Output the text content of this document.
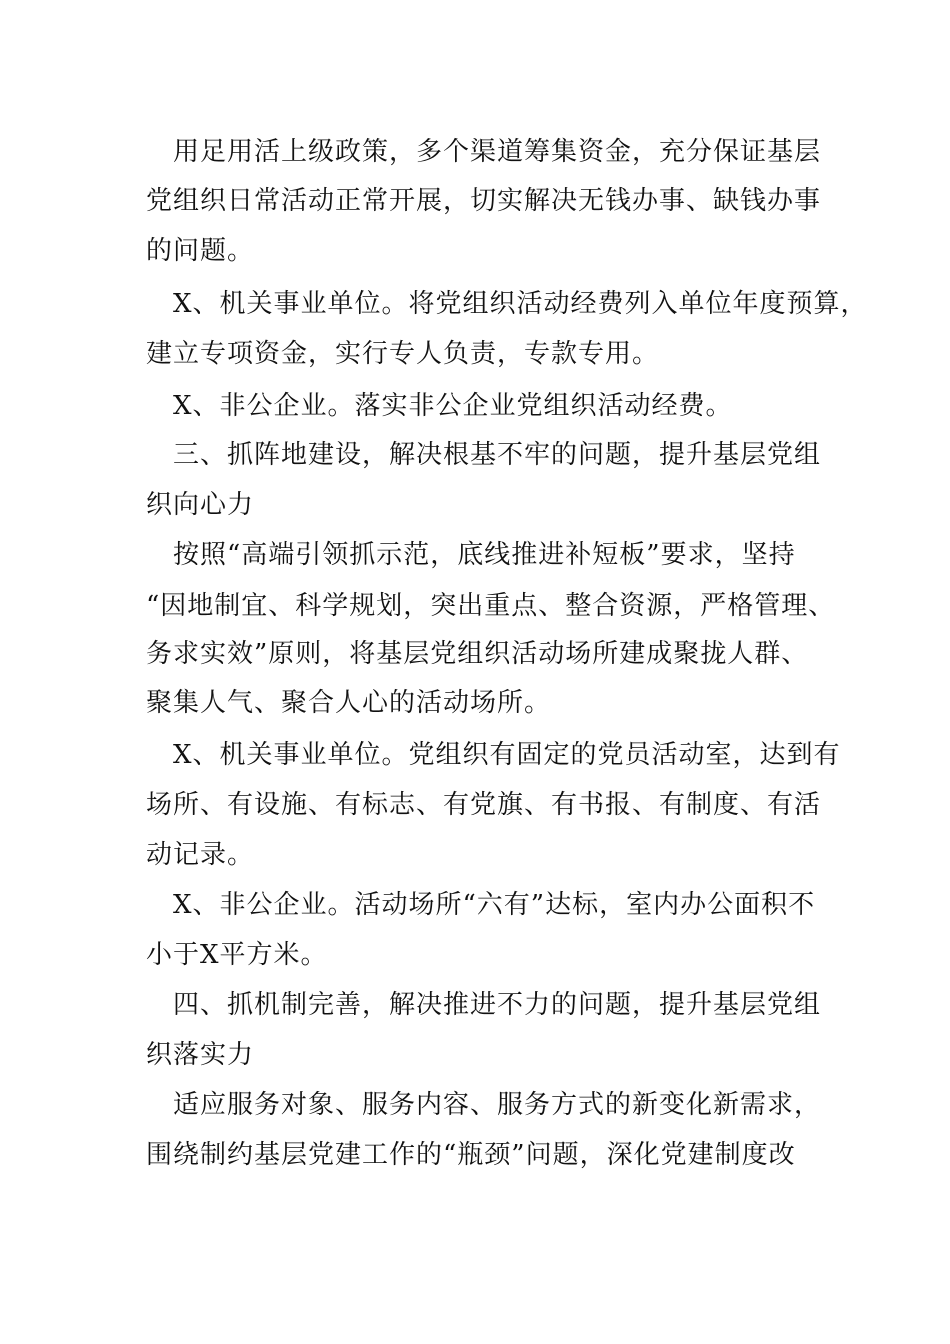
　用足用活上级政策，多个渠道筹集资金，充分保证基层
党组织日常活动正常开展，切实解决无钱办事、缺钱办事
的问题。
　X、机关事业单位。将党组织活动经费列入单位年度预算，
建立专项资金，实行专人负责，专款专用。
　X、非公企业。落实非公企业党组织活动经费。
　三、抓阵地建设，解决根基不牢的问题，提升基层党组
织向心力
　按照“高端引领抓示范，底线推进补短板”要求，坚持
“因地制宜、科学规划，突出重点、整合资源，严格管理、
务求实效”原则，将基层党组织活动场所建成聚拢人群、
聚集人气、聚合人心的活动场所。
　X、机关事业单位。党组织有固定的党员活动室，达到有
场所、有设施、有标志、有党旗、有书报、有制度、有活
动记录。
　X、非公企业。活动场所“六有”达标，室内办公面积不
小于X平方米。
　四、抓机制完善，解决推进不力的问题，提升基层党组
织落实力
　适应服务对象、服务内容、服务方式的新变化新需求，
围绕制约基层党建工作的“瓶颈”问题，深化党建制度改
